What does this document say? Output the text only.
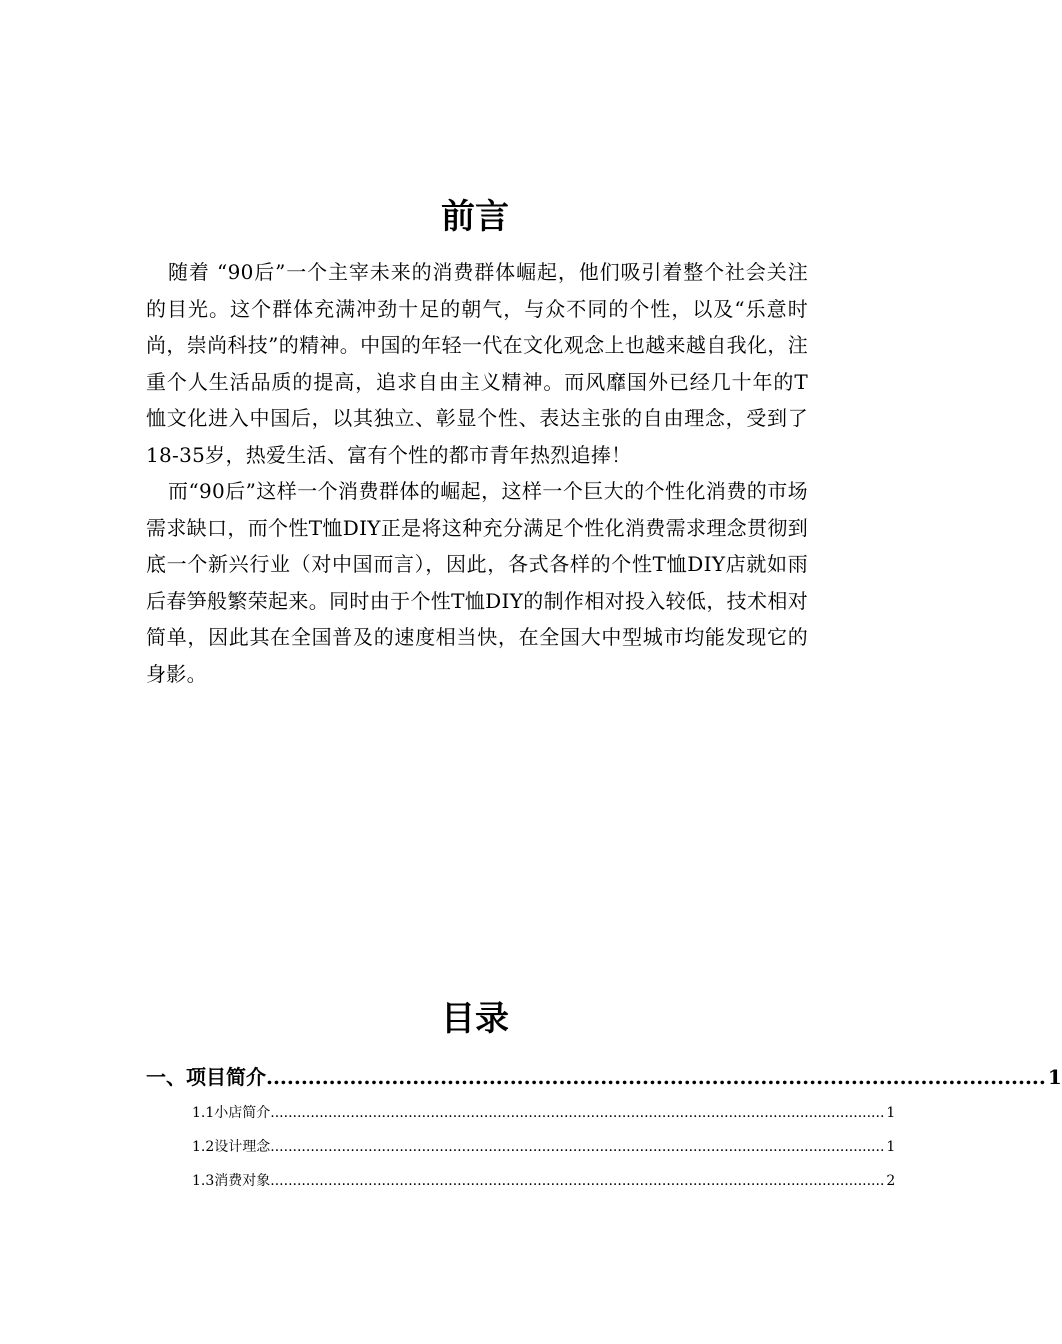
前言

随着 “90后”一个主宰未来的消费群体崛起，他们吸引着整个社会关注的目光。这个群体充满冲劲十足的朝气，与众不同的个性，以及“乐意时尚，崇尚科技”的精神。中国的年轻一代在文化观念上也越来越自我化，注重个人生活品质的提高，追求自由主义精神。而风靡国外已经几十年的T恤文化进入中国后，以其独立、彰显个性、表达主张的自由理念，受到了18-35岁，热爱生活、富有个性的都市青年热烈追捧！

而“90后”这样一个消费群体的崛起，这样一个巨大的个性化消费的市场需求缺口，而个性T恤DIY正是将这种充分满足个性化消费需求理念贯彻到底一个新兴行业（对中国而言），因此，各式各样的个性T恤DIY店就如雨后春笋般繁荣起来。同时由于个性T恤DIY的制作相对投入较低，技术相对简单，因此其在全国普及的速度相当快，在全国大中型城市均能发现它的身影。

目录
一、项目简介 ................................................................................................................ 1
1.1小店简介 .......................................................................................................................................... 1
1.2设计理念 .......................................................................................................................................... 1
1.3消费对象 .......................................................................................................................................... 2
